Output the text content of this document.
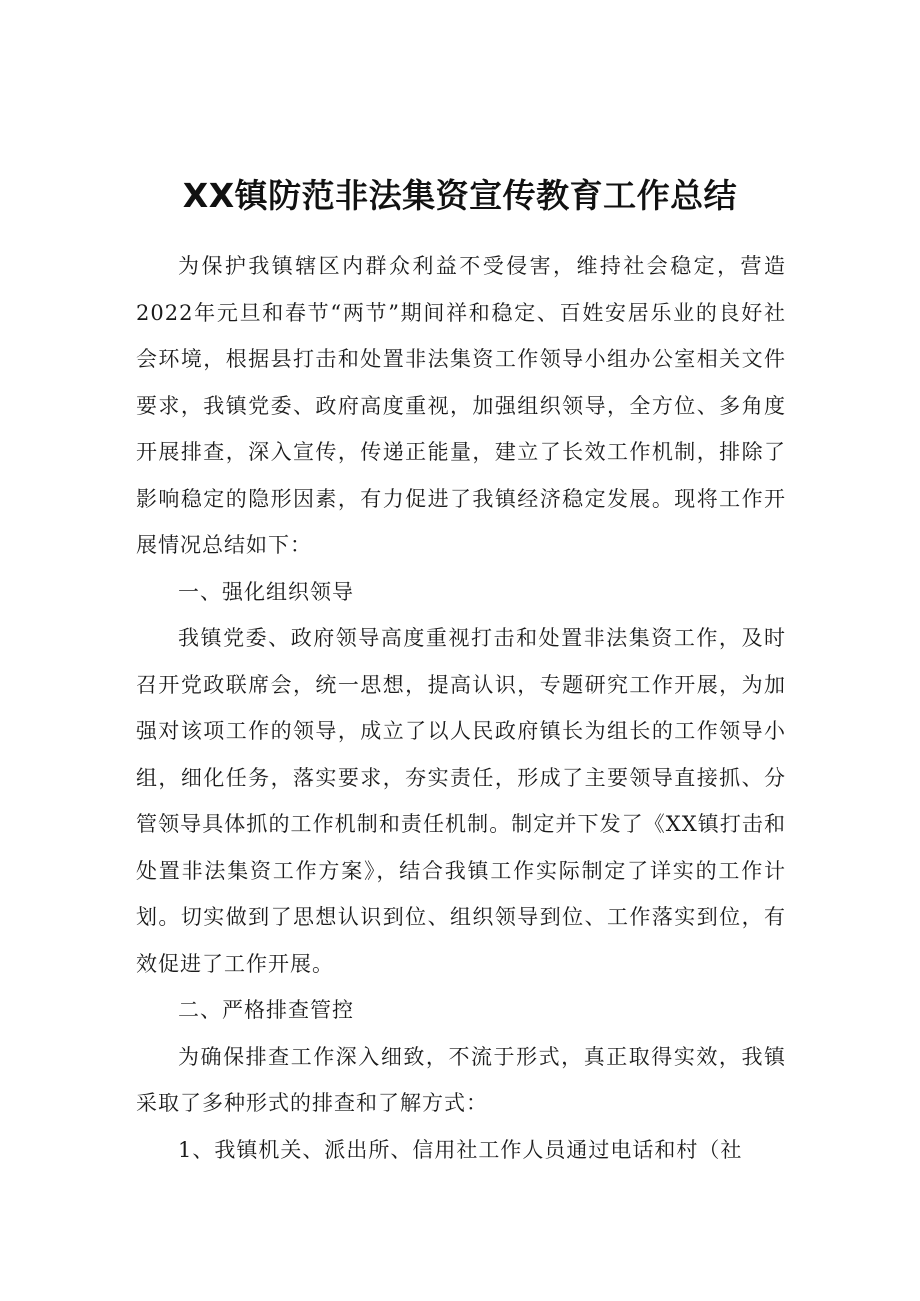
XX镇防范非法集资宣传教育工作总结

为保护我镇辖区内群众利益不受侵害，维持社会稳定，营造2022年元旦和春节“两节”期间祥和稳定、百姓安居乐业的良好社会环境，根据县打击和处置非法集资工作领导小组办公室相关文件要求，我镇党委、政府高度重视，加强组织领导，全方位、多角度开展排查，深入宣传，传递正能量，建立了长效工作机制，排除了影响稳定的隐形因素，有力促进了我镇经济稳定发展。现将工作开展情况总结如下：

一、强化组织领导

我镇党委、政府领导高度重视打击和处置非法集资工作，及时召开党政联席会，统一思想，提高认识，专题研究工作开展，为加强对该项工作的领导，成立了以人民政府镇长为组长的工作领导小组，细化任务，落实要求，夯实责任，形成了主要领导直接抓、分管领导具体抓的工作机制和责任机制。制定并下发了《XX镇打击和处置非法集资工作方案》，结合我镇工作实际制定了详实的工作计划。切实做到了思想认识到位、组织领导到位、工作落实到位，有效促进了工作开展。

二、严格排查管控

为确保排查工作深入细致，不流于形式，真正取得实效，我镇采取了多种形式的排查和了解方式：

1、我镇机关、派出所、信用社工作人员通过电话和村（社
